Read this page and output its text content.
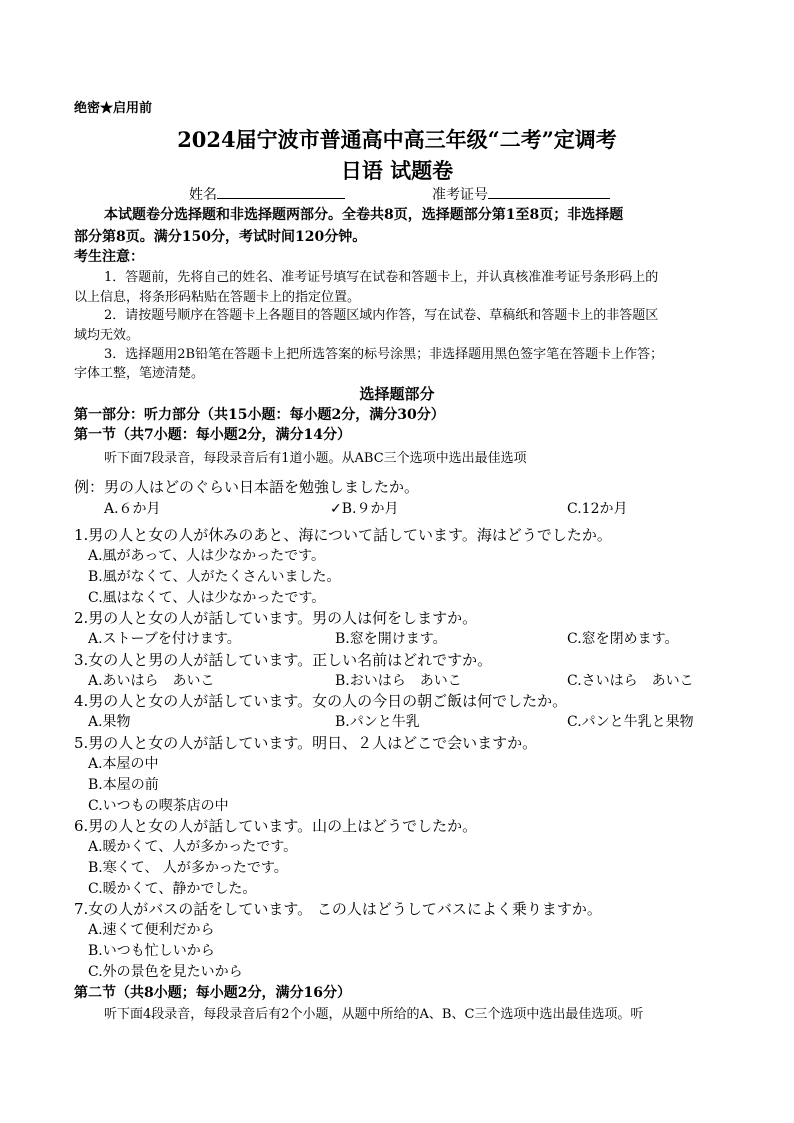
绝密★启用前
2024届宁波市普通高中高三年级“二考”定调考
日语 试题卷
姓名	准考证号
本试题卷分选择题和非选择题两部分。全卷共8页，选择题部分第1至8页；非选择题
部分第8页。满分150分，考试时间120分钟。
考生注意：
1．答题前，先将自己的姓名、准考证号填写在试卷和答题卡上，并认真核准准考证号条形码上的
以上信息，将条形码粘贴在答题卡上的指定位置。
2．请按题号顺序在答题卡上各题目的答题区域内作答，写在试卷、草稿纸和答题卡上的非答题区
域均无效。
3．选择题用2B铅笔在答题卡上把所选答案的标号涂黑；非选择题用黑色签字笔在答题卡上作答；
字体工整，笔迹清楚。
选择题部分
第一部分：听力部分（共15小题：每小题2分，满分30分）
第一节（共7小题：每小题2分，满分14分）
听下面7段录音，每段录音后有1道小题。从ABC三个选项中选出最佳选项
例：男の人はどのぐらい日本語を勉強しましたか。
A.６か月	✓B.９か月	C.12か月
1.男の人と女の人が休みのあと、海について話しています。海はどうでしたか。
A.風があって、人は少なかったです。
B.風がなくて、人がたくさんいました。
C.風はなくて、人は少なかったです。
2.男の人と女の人が話しています。男の人は何をしますか。
A.ストーブを付けます。	B.窓を開けます。	C.窓を閉めます。
3.女の人と男の人が話しています。正しい名前はどれですか。
A.あいはら　あいこ	B.おいはら　あいこ	C.さいはら　あいこ
4.男の人と女の人が話しています。女の人の今日の朝ご飯は何でしたか。
A.果物	B.パンと牛乳	C.パンと牛乳と果物
5.男の人と女の人が話しています。明日、２人はどこで会いますか。
A.本屋の中
B.本屋の前
C.いつもの喫茶店の中
6.男の人と女の人が話しています。山の上はどうでしたか。
A.暖かくて、人が多かったです。
B.寒くて、 人が多かったです。
C.暖かくて、静かでした。
7.女の人がバスの話をしています。 この人はどうしてバスによく乗りますか。
A.速くて便利だから
B.いつも忙しいから
C.外の景色を見たいから
第二节（共8小题；每小题2分，满分16分）
听下面4段录音，每段录音后有2个小题，从题中所给的A、B、C三个选项中选出最佳选项。听
